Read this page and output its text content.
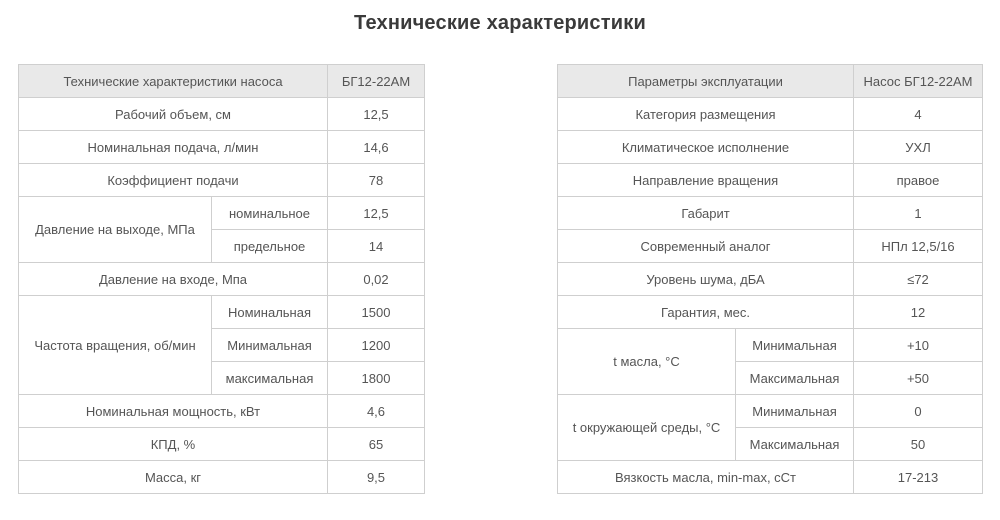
Технические характеристики
Технические характеристики насоса		БГ12-22АМ
Рабочий объем, см		12,5
Номинальная подача, л/мин		14,6
Коэффициент подачи		78
Давление на выходе, МПа	номинальное	12,5
	предельное	14
Давление на входе, Мпа		0,02
Частота вращения, об/мин	Номинальная	1500
	Минимальная	1200
	максимальная	1800
Номинальная мощность, кВт		4,6
КПД, %		65
Масса, кг		9,5
Параметры эксплуатации		Насос БГ12-22АМ
Категория размещения		4
Климатическое исполнение		УХЛ
Направление вращения		правое
Габарит		1
Современный аналог		НПл 12,5/16
Уровень шума, дБА		≤72
Гарантия, мес.		12
t масла, °С	Минимальная	+10
	Максимальная	+50
t окружающей среды, °С	Минимальная	0
	Максимальная	50
Вязкость масла, min-max, сСт		17-213
